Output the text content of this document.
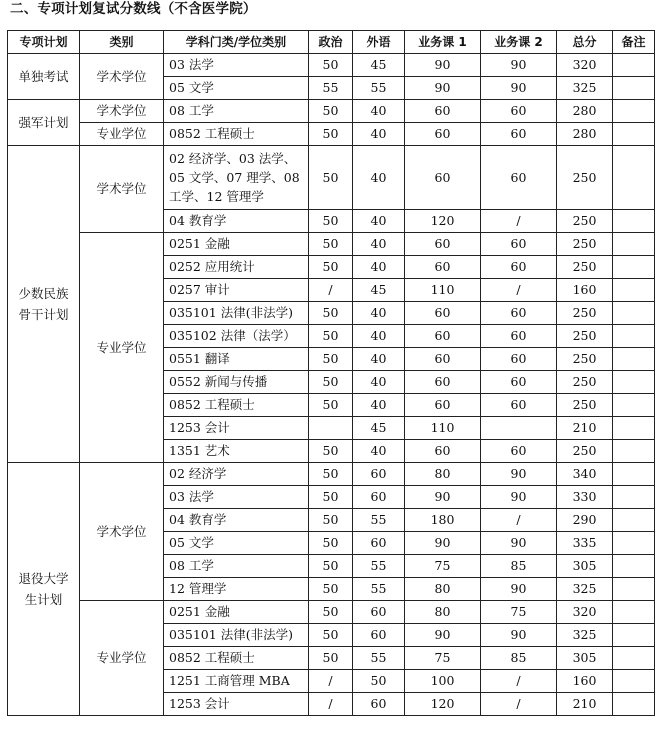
二、专项计划复试分数线（不含医学院）
专项计划	类别	学科门类/学位类别	政治	外语	业务课 1	业务课 2	总分	备注
单独考试	学术学位	03 法学	50	45	90	90	320	
		05 文学	55	55	90	90	325	
强军计划	学术学位	08 工学	50	40	60	60	280	
	专业学位	0852 工程硕士	50	40	60	60	280	
少数民族骨干计划	学术学位	02 经济学、03 法学、05 文学、07 理学、08 工学、12 管理学	50	40	60	60	250	
		04 教育学	50	40	120	/	250	
	专业学位	0251 金融	50	40	60	60	250	
		0252 应用统计	50	40	60	60	250	
		0257 审计	/	45	110	/	160	
		035101 法律(非法学)	50	40	60	60	250	
		035102 法律（法学）	50	40	60	60	250	
		0551 翻译	50	40	60	60	250	
		0552 新闻与传播	50	40	60	60	250	
		0852 工程硕士	50	40	60	60	250	
		1253 会计		45	110		210	
		1351 艺术	50	40	60	60	250	
退役大学生计划	学术学位	02 经济学	50	60	80	90	340	
		03 法学	50	60	90	90	330	
		04 教育学	50	55	180	/	290	
		05 文学	50	60	90	90	335	
		08 工学	50	55	75	85	305	
		12 管理学	50	55	80	90	325	
	专业学位	0251 金融	50	60	80	75	320	
		035101 法律(非法学)	50	60	90	90	325	
		0852 工程硕士	50	55	75	85	305	
		1251 工商管理 MBA	/	50	100	/	160	
		1253 会计	/	60	120	/	210	
